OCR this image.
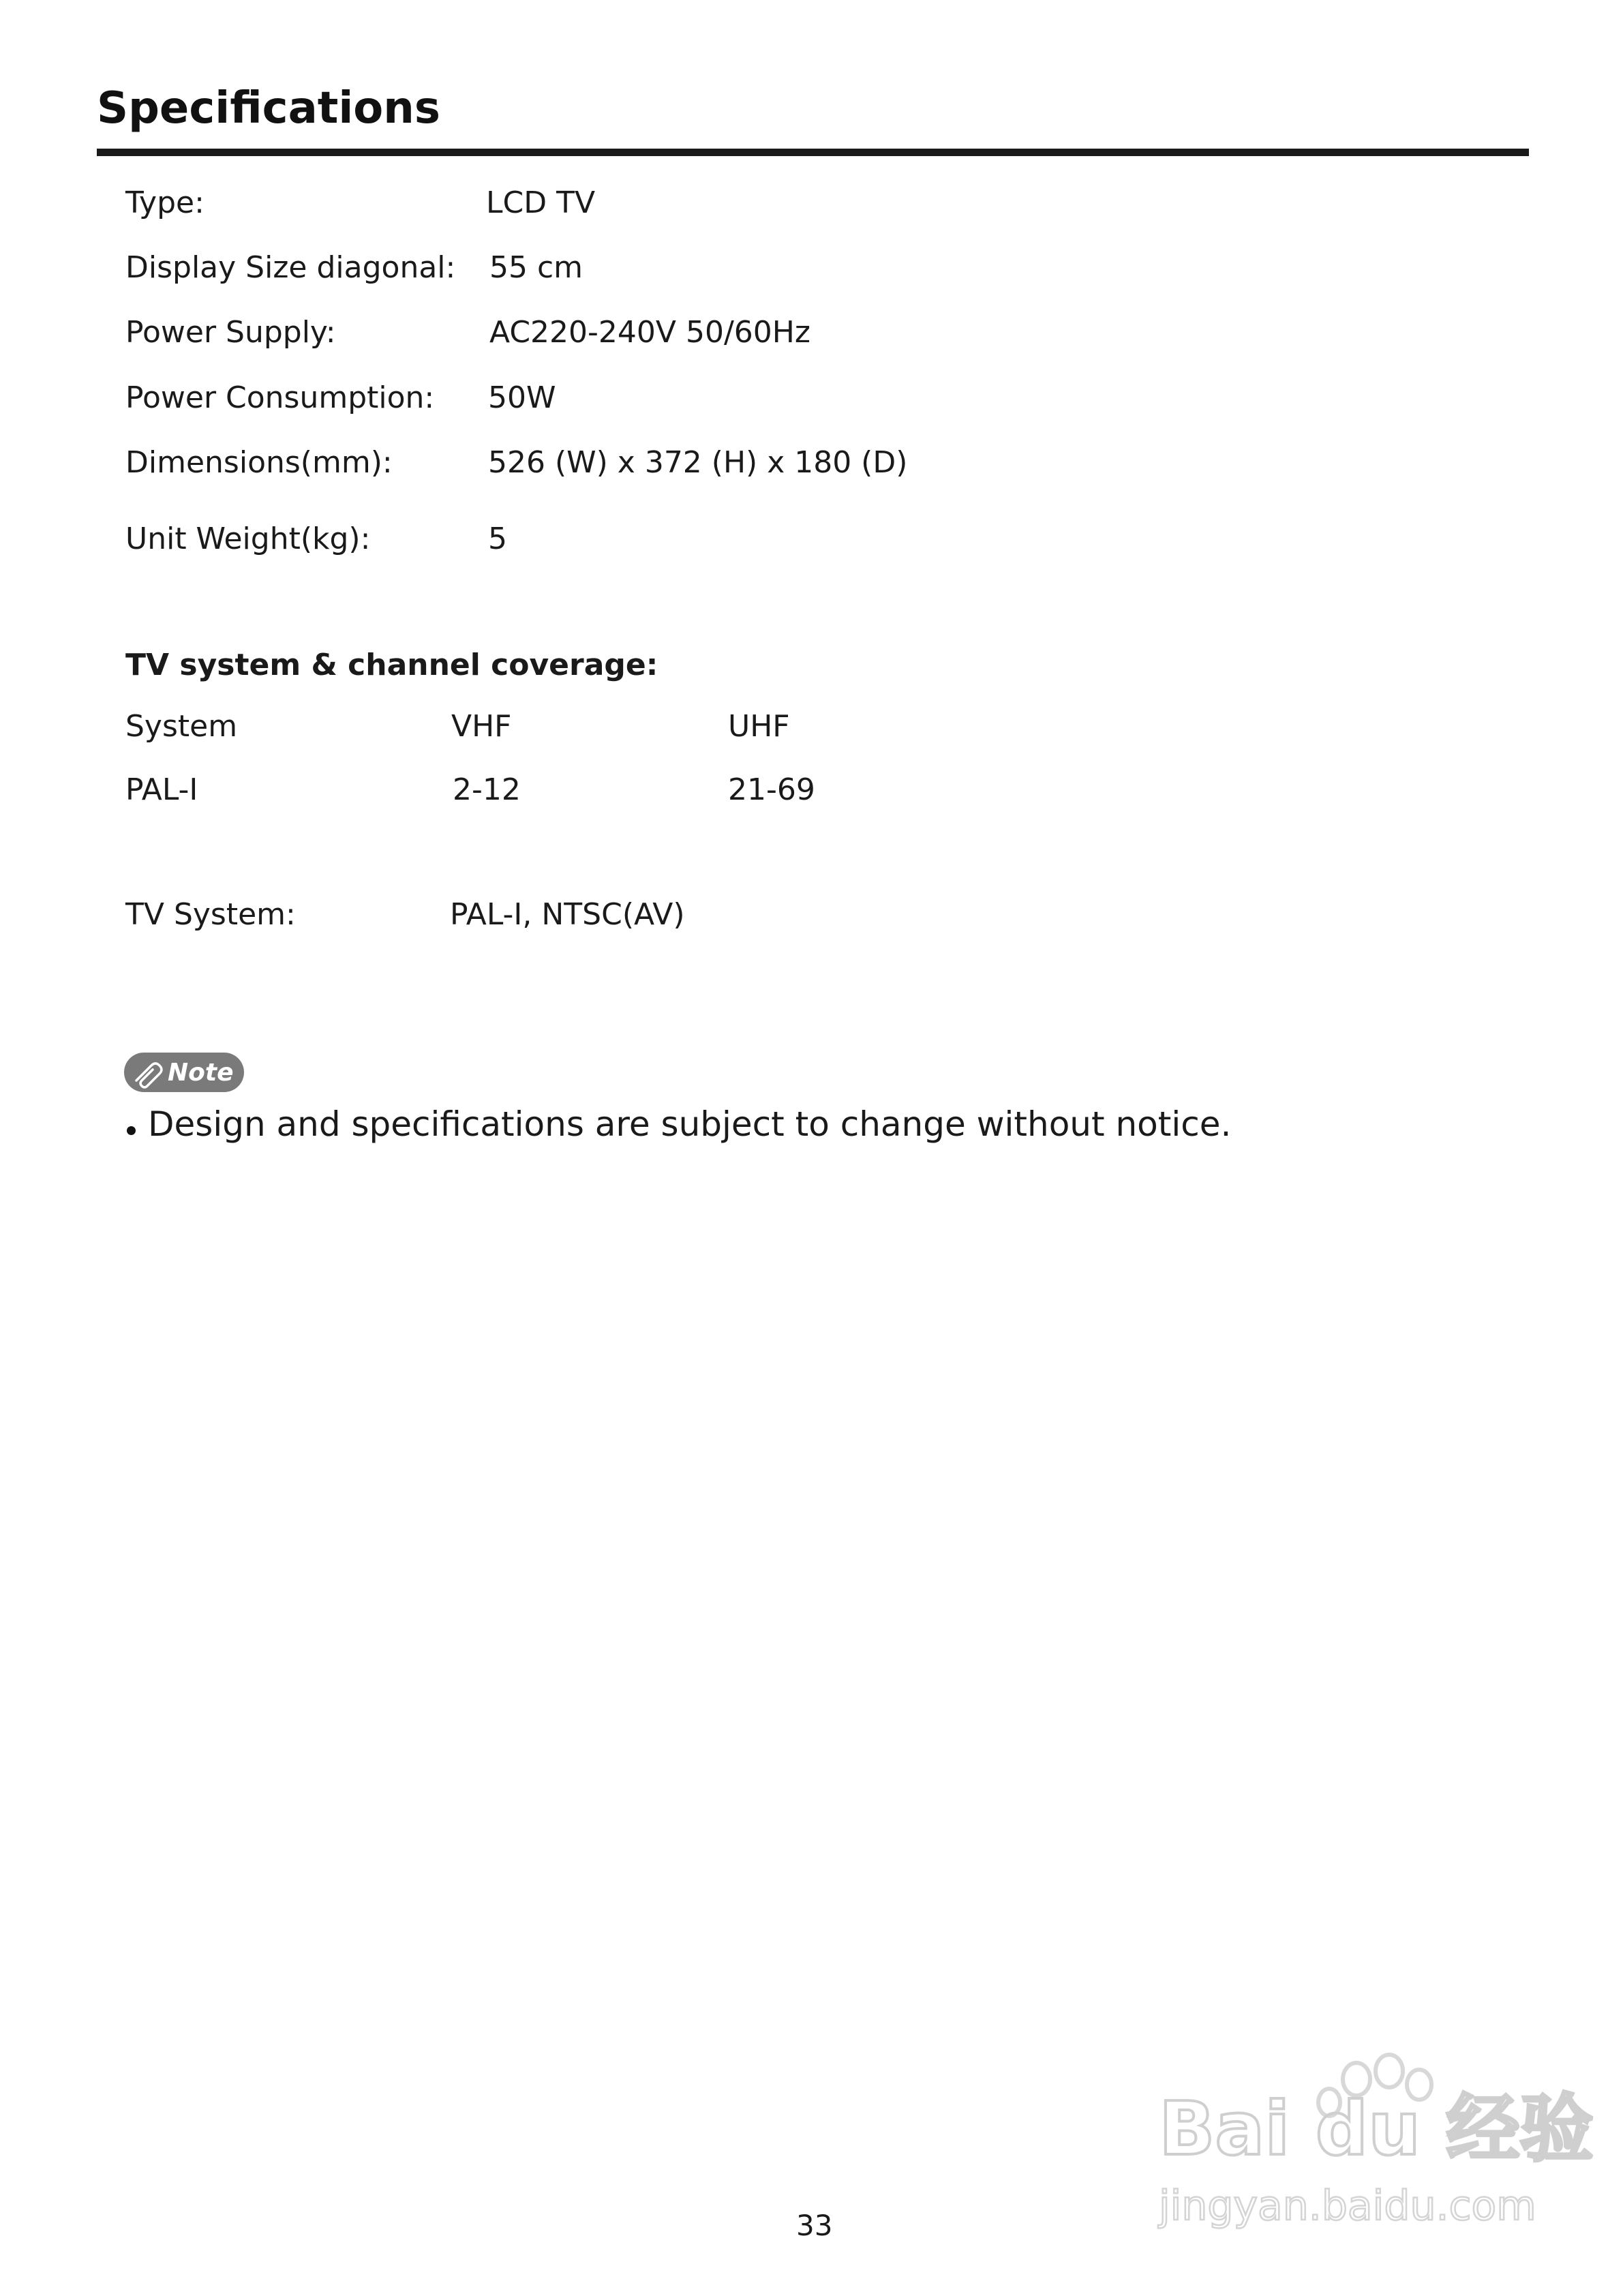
Specifications
Type:	LCD TV
Display Size diagonal: 55 cm
Power Supply:	AC220-240V 50/60Hz
Power Consumption: 50W
Dimensions(mm):	526 (W) x 372 (H) x 180 (D)
Unit Weight(kg):	5
TV system & channel coverage:
System	VHF	UHF
PAL-I	2-12	21-69
TV System:	PAL-I, NTSC(AV)
Note
Design and specifications are subject to change without notice.
33
Bai du 经验
jingyan.baidu.com
